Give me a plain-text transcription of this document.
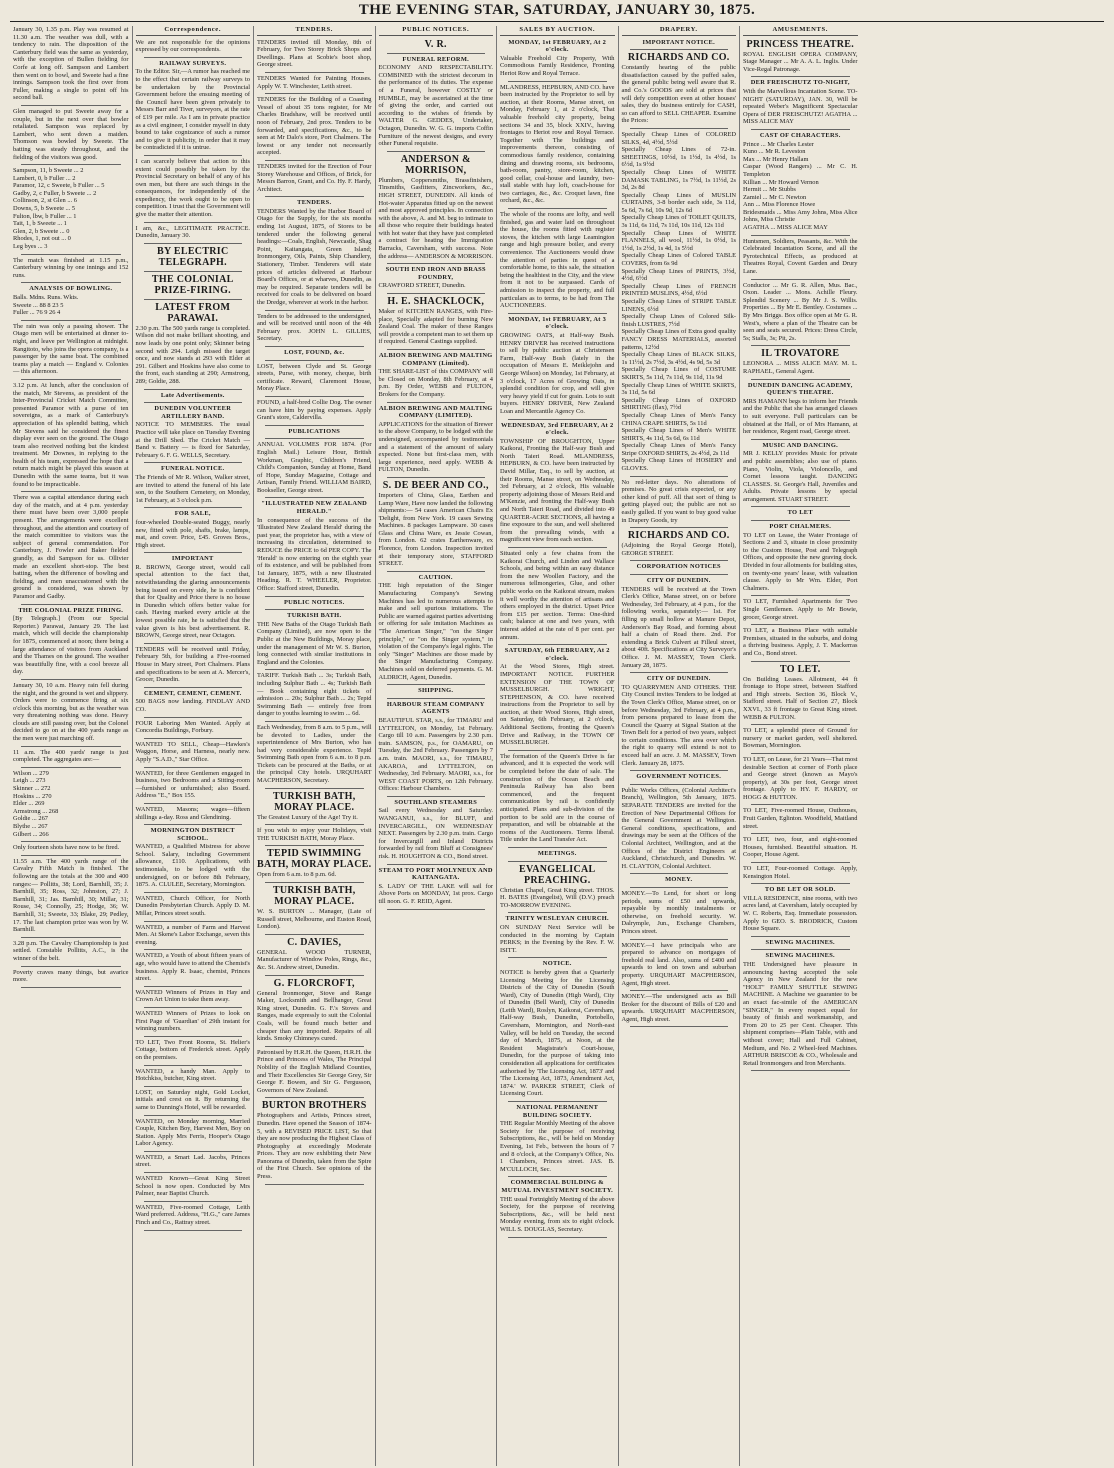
THE EVENING STAR, SATURDAY, JANUARY 30, 1875.
January 30, 1.35 p.m. Play was resumed at 11.30 a.m. The weather was dull, with a tendency to rain. The disposition of the Canterbury field was the same as yesterday, with the exception of Bullen fielding for Corfe at long off. Sampson and Lambert then went on to bowl, and Sweete had a fine innings. Sampson took the first over from Fuller, making a single to point off his second ball.
Glen managed to put Sweete away for a couple, but in the next over that bowler retaliated. Sampson was replaced by Lambert, who sent down a maiden. Thomson was bowled by Sweete. The batting was steady throughout, and the fielding of the visitors was good.
Sampson, 11, b Sweete ... 2
Lambert, 0, b Fuller ... 2
Paramor, 12, c Sweete, b Fuller ... 5
Gadby, 2, c Fuller, b Sweete ... 2
Collinson, 2, st Glen ... 6
Downs, 5, b Sweete ... 5
Fulton, lbw, b Fuller ... 1
Tait, 1, b Sweete ... 1
Glen, 2, b Sweete ... 0
Rhodes, 1, not out ... 0
Leg byes ... 3
The match was finished at 1.15 p.m., Canterbury winning by one innings and 152 runs.
ANALYSIS OF BOWLING.
Balls. Mdns. Runs. Wkts.
Sweete ... 88 8 23 5
Fuller ... 76 9 26 4
The rain was only a passing shower. The Otago men will be entertained at dinner to-night, and leave per Wellington at midnight. Rangitoto, who joins the opera company, is a passenger by the same boat. The combined teams play a match — England v. Colonies — this afternoon.
3.12 p.m. At lunch, after the conclusion of the match, Mr Stevens, as president of the Inter-Provincial Cricket Match Committee, presented Paramor with a purse of ten sovereigns, as a mark of Canterbury's appreciation of his splendid batting, which Mr Stevens said he considered the finest display ever seen on the ground. The Otago team also received nothing but the kindest treatment. Mr Downes, in replying to the health of his team, expressed the hope that a return match might be played this season at Dunedin with the same teams, but it was found to be impracticable.
There was a capital attendance during each day of the match, and at 4 p.m. yesterday there must have been over 3,000 people present. The arrangements were excellent throughout, and the attention and courtesy of the match committee to visitors was the subject of general commendation. For Canterbury, J. Fowler and Baker fielded grandly, as did Sampson for us. Ollivier made an excellent short-stop. The best batting, when the difference of bowling and fielding, and men unaccustomed with the ground is considered, was shown by Paramor and Gadby.
THE COLONIAL PRIZE FIRING.
[By Telegraph.] (From our Special Reporter.) Parawai, January 29. The last match, which will decide the championship for 1875, commenced at noon; there being a large attendance of visitors from Auckland and the Thames on the ground. The weather was beautifully fine, with a cool breeze all day.
January 30, 10 a.m. Heavy rain fell during the night, and the ground is wet and slippery. Orders were to commence firing at six o'clock this morning, but as the weather was very threatening nothing was done. Heavy clouds are still passing over, but the Colonel decided to go on at the 400 yards range as the men were just marching off.
11 a.m. The 400 yards' range is just completed. The aggregates are:—
Wilson ... 279
Leigh ... 273
Skinner ... 272
Hoskins ... 270
Elder ... 269
Armstrong ... 268
Goldie ... 267
Blythe ... 267
Gilbert ... 266
Only fourteen shots have now to be fired.
11.55 a.m. The 400 yards range of the Cavalry Fifth Match is finished. The following are the totals at the 300 and 400 ranges:— Pollitts, 38; Lord, Barnhill, 35; J. Barnhill, 35; Ross, 32; Johnston, 27; J. Barnhill, 31; Jas. Barnhill, 30; Millar, 31; Rouse, 34; Connolly, 25; Hodge, 36; W. Barnhill, 31; Sweete, 33; Blake, 29; Pedley, 17. The last champion prize was won by W. Barnhill.
3.28 p.m. The Cavalry Championship is just settled. Constable Pollitts, A.C., is the winner of the belt.
Poverty craves many things, but avarice more.
Correspondence.
We are not responsible for the opinions expressed by our correspondents.
RAILWAY SURVEYS.
To the Editor. Sir,—A rumor has reached me to the effect that certain railway surveys to be undertaken by the Provincial Government before the ensuing meeting of the Council have been given privately to Messrs Barr and Tiver, surveyors, at the rate of £19 per mile. As I am in private practice as a civil engineer, I consider myself in duty bound to take cognizance of such a rumor and to give it publicity, in order that it may be contradicted if it is untrue.
I can scarcely believe that action to this extent could possibly be taken by the Provincial Secretary on behalf of any of his own men, but there are such things in the consequences, for independently of the expediency, the work ought to be open to competition. I trust that the Government will give the matter their attention.
I am, &c., LEGITIMATE PRACTICE. Dunedin, January 30.
BY ELECTRIC TELEGRAPH.
THE COLONIAL PRIZE-FIRING.
LATEST FROM PARAWAI.
2.30 p.m. The 500 yards range is completed. Wilson did not make brilliant shooting, and now leads by one point only; Skinner being second with 294. Leigh missed the target once, and now stands at 293 with Elder at 291. Gilbert and Hoskins have also come to the front, each standing at 290; Armstrong, 289; Goldie, 288.
Late Advertisements.
DUNEDIN VOLUNTEER ARTILLERY BAND.
NOTICE TO MEMBERS. The usual Practice will take place on Tuesday Evening at the Drill Shed. The Cricket Match — Band v. Battery — is fixed for Saturday, February 6. F. G. WELLS, Secretary.
FUNERAL NOTICE.
The Friends of Mr R. Wilson, Walker street, are invited to attend the funeral of his late son, to the Southern Cemetery, on Monday, 1st February, at 3 o'clock p.m.
FOR SALE,
four-wheeled Double-seated Buggy, nearly new, fitted with pole, shafts, brake, lamps, mat, and cover. Price, £45. Groves Bros., High street.
IMPORTANT
R. BROWN, George street, would call special attention to the fact that, notwithstanding the glaring announcements being issued on every side, he is confident that for Quality and Price there is no house in Dunedin which offers better value for cash. Having marked every article at the lowest possible rate, he is satisfied that the value given is his best advertisement. R. BROWN, George street, near Octagon.
TENDERS will be received until Friday, February 5th, for building a Five-roomed House in Mary street, Port Chalmers. Plans and specifications to be seen at A. Mercer's, Grocer, Dunedin.
CEMENT, CEMENT, CEMENT.
500 BAGS now landing. FINDLAY AND CO.
FOUR Laboring Men Wanted. Apply at Concordia Buildings, Forbury.
WANTED TO SELL, Cheap—Hawkes's Waggon, Horse, and Harness, nearly new. Apply "S.A.D.," Star Office.
WANTED, for three Gentlemen engaged in business, two Bedrooms and a Sitting-room—furnished or unfurnished; also Board. Address "E.," Box 155.
WANTED, Masons; wages—fifteen shillings a-day. Ross and Glendining.
MORNINGTON DISTRICT SCHOOL.
WANTED, a Qualified Mistress for above School. Salary, including Government allowance, £110. Applications, with testimonials, to be lodged with the undersigned, on or before 8th February, 1875. A. CLULEE, Secretary, Mornington.
WANTED, Church Officer, for North Dunedin Presbyterian Church. Apply D. M. Millar, Princes street south.
WANTED, a number of Farm and Harvest Men. At Skene's Labor Exchange, seven this evening.
WANTED, a Youth of about fifteen years of age, who would have to attend the Chemist's business. Apply R. Isaac, chemist, Princes street.
WANTED Winners of Prizes in Hay and Crown Art Union to take them away.
WANTED Winners of Prizes to look on First Page of 'Guardian' of 29th instant for winning numbers.
TO LET, Two Front Rooms, St. Helier's Cottage, bottom of Frederick street. Apply on the premises.
WANTED, a handy Man. Apply to Hotchkiss, butcher, King street.
LOST, on Saturday night, Gold Locket, initials and crest on it. By returning the same to Dunning's Hotel, will be rewarded.
WANTED, on Monday morning, Married Couple, Kitchen Boy, Harvest Men, Boy on Station. Apply Mrs Ferris, Hooper's Otago Labor Agency.
WANTED, a Smart Lad. Jacobs, Princes street.
WANTED Known—Great King Street School is now open. Conducted by Mrs Palmer, near Baptist Church.
WANTED, Five-roomed Cottage, Leith Ward preferred. Address, "H.G.," care James Finch and Co., Rattray street.
TENDERS.
TENDERS invited till Monday, 8th of February, for Two Storey Brick Shops and Dwellings. Plans at Scobie's boot shop, George street.
TENDERS Wanted for Painting Houses. Apply W. T. Winchester, Leith street.
TENDERS for the Building of a Coasting Vessel of about 35 tons register, for Mr Charles Bradshaw, will be received until noon of February, 2nd prox. Tenders to be forwarded, and specifications, &c., to be seen at Mr Dalo's store, Port Chalmers. The lowest or any tender not necessarily accepted.
TENDERS invited for the Erection of Four Storey Warehouse and Offices, of Brick, for Messrs Barron, Grant, and Co. Hy. F. Hardy, Architect.
TENDERS.
TENDERS Wanted by the Harbor Board of Otago for the Supply, for the six months ending 1st August, 1875, of Stores to be tendered under the following general headings:—Coals, English, Newcastle, Shag Point, Kaitangata, Green Island; Ironmongery, Oils, Paints, Ship Chandlery, Stationery, Timber. Tenderers will state prices of articles delivered at Harbour Board's Offices, or at wharves, Dunedin, as may be required. Separate tenders will be received for coals to be delivered on board the Dredge, wherever at work in the harbor.
Tenders to be addressed to the undersigned, and will be received until noon of the 4th February prox. JOHN L. GILLIES, Secretary.
LOST, FOUND, &c.
LOST, between Clyde and St. George streets, Purse, with money, cheque, birth certificate. Reward, Claremont House, Moray Place.
FOUND, a half-bred Collie Dog. The owner can have him by paying expenses. Apply Grant's store, Caldervilla.
PUBLICATIONS
ANNUAL VOLUMES FOR 1874. (For English Mail.) Leisure Hour, British Workman, Graphic, Children's Friend, Child's Companion, Sunday at Home, Band of Hope, Sunday Magazine, Cottage and Artisan, Family Friend. WILLIAM BAIRD, Bookseller, George street.
"ILLUSTRATED NEW ZEALAND HERALD."
In consequence of the success of the 'Illustrated New Zealand Herald' during the past year, the proprietor has, with a view of increasing its circulation, determined to REDUCE the PRICE to 6d PER COPY. The 'Herald' is now entering on the eighth year of its existence, and will be published from 1st January, 1875, with a new Illustrated Heading. R. T. WHEELER, Proprietor. Office: Stafford street, Dunedin.
PUBLIC NOTICES.
TURKISH BATH.
THE New Baths of the Otago Turkish Bath Company (Limited), are now open to the Public at the New Buildings, Moray place, under the management of Mr W. S. Burton, long connected with similar institutions in England and the Colonies.
TARIFF. Turkish Bath ... 3s; Turkish Bath, including Sulphur Bath ... 4s; Turkish Bath — Book containing eight tickets of admission ... 20s; Sulphur Bath ... 2s; Tepid Swimming Bath — entirely free from danger to youths learning to swim ... 6d.
Each Wednesday, from 8 a.m. to 5 p.m., will be devoted to Ladies, under the superintendence of Mrs Burton, who has had very considerable experience. Tepid Swimming Bath open from 6 a.m. to 8 p.m. Tickets can be procured at the Baths, or at the principal City hotels. URQUHART MACPHERSON, Secretary.
TURKISH BATH, MORAY PLACE.
The Greatest Luxury of the Age! Try it.
If you wish to enjoy your Holidays, visit THE TURKISH BATH, Moray Place.
TEPID SWIMMING BATH, MORAY PLACE.
Open from 6 a.m. to 8 p.m. 6d.
TURKISH BATH, MORAY PLACE.
W. S. BURTON ... Manager, (Late of Russell street, Melbourne, and Euston Road, London).
C. DAVIES,
GENERAL WOOD TURNER, Manufacturer of Window Poles, Rings, &c., &c. St. Andrew street, Dunedin.
G. FLORCROFT,
General Ironmonger, Stove and Range Maker, Locksmith and Bellhanger, Great King street, Dunedin. G. F.'s Stoves and Ranges, made expressly to suit the Colonial Coals, will be found much better and cheaper than any imported. Repairs of all kinds. Smoky Chimneys cured.
Patronised by H.R.H. the Queen, H.R.H. the Prince and Princess of Wales, The Principal Nobility of the English Midland Counties, and Their Excellencies Sir George Grey, Sir George F. Bowen, and Sir G. Fergusson, Governors of New Zealand.
BURTON BROTHERS
Photographers and Artists, Princes street, Dunedin. Have opened the Season of 1874-5, with a REVISED PRICE LIST, So that they are now producing the Highest Class of Photography at exceedingly Moderate Prices. They are now exhibiting their New Panorama of Dunedin, taken from the Spire of the First Church. See opinions of the Press.
PUBLIC NOTICES.
V. R.
FUNERAL REFORM.
ECONOMY AND RESPECTABILITY. COMBINED with the strictest decorum in the performance of its duties. The expense of a Funeral, however COSTLY or HUMBLE, may be ascertained at the time of giving the order, and carried out according to the wishes of friends by WALTER G. GEDDES, Undertaker, Octagon, Dunedin. W. G. G. imports Coffin Furniture of the newest designs, and every other Funeral requisite.
ANDERSON & MORRISON,
Plumbers, Coppersmiths, Brassfinishers, Tinsmiths, Gasfitters, Zincworkers, &c., HIGH STREET, DUNEDIN. All kinds of Hot-water Apparatus fitted up on the newest and most approved principles. In connection with the above, A. and M. beg to intimate to all those who require their buildings heated with hot water that they have just completed a contract for heating the Immigration Barracks, Caversham, with success. Note the address— ANDERSON & MORRISON.
SOUTH END IRON AND BRASS FOUNDRY,
CRAWFORD STREET, Dunedin.
H. E. SHACKLOCK,
Maker of KITCHEN RANGES, with Fire-place, Specially adapted for burning New Zealand Coal. The maker of these Ranges will provide a competent man to set them up if required. General Castings supplied.
ALBION BREWING AND MALTING COMPANY (Limited).
THE SHARE-LIST of this COMPANY will be Closed on Monday, 8th February, at 4 p.m. By Order, WEBB and FULTON, Brokers for the Company.
ALBION BREWING AND MALTING COMPANY (LIMITED).
APPLICATIONS for the situation of Brewer to the above Company, to be lodged with the undersigned, accompanied by testimonials and a statement of the amount of salary expected. None but first-class men, with large experience, need apply. WEBB & FULTON, Dunedin.
S. DE BEER AND CO.,
Importers of China, Glass, Earthen and Lamp Ware, Have now landed the following shipments:— 54 cases American Chairs Ex 'Delight, from New York. 19 cases Sewing Machines. 8 packages Lampware. 30 cases Glass and China Ware, ex Jessie Cowan, from London. 62 crates Earthenware, ex Florence, from London. Inspection invited at their temporary store, STAFFORD STREET.
CAUTION.
THE high reputation of the Singer Manufacturing Company's Sewing Machines has led to numerous attempts to make and sell spurious imitations. The Public are warned against parties advertising or offering for sale imitation Machines as "The American Singer," "on the Singer principle," or "on the Singer system," in violation of the Company's legal rights. The only "Singer" Machines are those made by the Singer Manufacturing Company. Machines sold on deferred payments. G. M. ALDRICH, Agent, Dunedin.
SHIPPING.
HARBOUR STEAM COMPANY AGENTS
BEAUTIFUL STAR, s.s., for TIMARU and LYTTELTON, on Monday, 1st February. Cargo till 10 a.m. Passengers by 2.30 p.m. train. SAMSON, p.s., for OAMARU, on Tuesday, the 2nd February. Passengers by 7 a.m. train. MAORI, s.s., for TIMARU, AKAROA, and LYTTELTON, on Wednesday, 3rd February. MAORI, s.s., for WEST COAST PORTS, on 12th February. Offices: Harbour Chambers.
SOUTHLAND STEAMERS
Sail every Wednesday and Saturday. WANGANUI, s.s., for BLUFF, and INVERCARGILL, ON WEDNESDAY NEXT. Passengers by 2.30 p.m. train. Cargo for Invercargill and Inland Districts forwarded by rail from Bluff at Consignees' risk. H. HOUGHTON & CO., Bond street.
STEAM TO PORT MOLYNEUX AND KAITANGATA.
S. LADY OF THE LAKE will sail for Above Ports on MONDAY, 1st prox. Cargo till noon. G. F. REID, Agent.
SALES BY AUCTION.
MONDAY, 1st FEBRUARY, At 2 o'clock.
Valuable Freehold City Property, With Commodious Family Residence, Fronting Heriot Row and Royal Terrace.
MLANDRESS, HEPBURN, AND CO. have been instructed by the Proprietor to sell by auction, at their Rooms, Manse street, on Monday, February 1, at 2 o'clock, That valuable freehold city property, being sections 34 and 35, block XXIV., having frontages to Heriot row and Royal Terrace. Together with The buildings and improvements thereon, consisting of commodious family residence, containing dining and drawing rooms, six bedrooms, bath-room, pantry, store-room, kitchen, good cellar, coal-house and laundry, two-stall stable with hay loft, coach-house for two carriages, &c., &c. Croquet lawn, fine orchard, &c., &c.
The whole of the rooms are lofty, and well finished, gas and water laid on throughout the house, the rooms fitted with register stoves, the kitchen with large Leamington range and high pressure boiler, and every convenience. The Auctioneers would draw the attention of parties in quest of a comfortable home, to this sale, the situation being the healthiest in the City, and the view from it not to be surpassed. Cards of admission to inspect the property, and full particulars as to terms, to be had from The AUCTIONEERS.
MONDAY, 1st FEBRUARY, At 3 o'clock.
GROWING OATS, at Half-way Bush. HENRY DRIVER has received instructions to sell by public auction at Christensen Farm, Half-way Bush (lately in the occupation of Messrs E. Meiklejohn and George Wilson) on Monday, 1st February, at 3 o'clock, 17 Acres of Growing Oats, in splendid condition for crop, and will give very heavy yield if cut for grain. Lots to suit buyers. HENRY DRIVER, New Zealand Loan and Mercantile Agency Co.
WEDNESDAY, 3rd FEBRUARY, At 2 o'clock.
TOWNSHIP OF BROUGHTON, Upper Kaikorai, Fronting the Half-way Bush and North Taieri Road. MLANDRESS, HEPBURN, & CO. have been instructed by David Millar, Esq., to sell by auction, at their Rooms, Manse street, on Wednesday, 3rd February, at 2 o'clock, His valuable property adjoining those of Messrs Reid and M'Kenzie, and fronting the Half-way Bush and North Taieri Road, and divided into 49 QUARTER-ACRE SECTIONS, all having a fine exposure to the sun, and well sheltered from the prevailing winds, with a magnificent view from each section.
Situated only a few chains from the Kaikorai Church, and Lindon and Wallace Schools, and being within an easy distance from the new Woollen Factory, and the numerous tellmongeries, Glue, and other public works on the Kaikorai stream, makes it well worthy the attention of artisans and others employed in the district. Upset Price from £15 per section. Terms: One-third cash; balance at one and two years, with interest added at the rate of 8 per cent. per annum.
SATURDAY, 6th FEBRUARY, At 2 o'clock.
At the Wood Stores, High street. IMPORTANT NOTICE. FURTHER EXTENSION OF THE TOWN OF MUSSELBURGH. WRIGHT, STEPHENSON, & CO. have received instructions from the Proprietor to sell by auction, at their Wood Stores, High street, on Saturday, 6th February, at 2 o'clock, Additional Sections, fronting the Queen's Drive and Railway, in the TOWN OF MUSSELBURGH.
The formation of the Queen's Drive is far advanced, and it is expected the work will be completed before the date of sale. The construction of the Ocean Beach and Peninsula Railway has also been commenced, and the frequent communication by rail is confidently anticipated. Plans and sub-division of the portion to be sold are in the course of preparation, and will be obtainable at the rooms of the Auctioneers. Terms liberal. Title under the Land Transfer Act.
MEETINGS.
EVANGELICAL PREACHING.
Christian Chapel, Great King street. THOS. H. BATES (Evangelist), Will (D.V.) preach TO-MORROW EVENING.
TRINITY WESLEYAN CHURCH.
ON SUNDAY Next Service will be conducted in the morning by Captain PERKS; in the Evening by the Rev. F. W. ISITT.
NOTICE.
NOTICE is hereby given that a Quarterly Licensing Meeting for the Licensing Districts of the City of Dunedin (South Ward), City of Dunedin (High Ward), City of Dunedin (Bell Ward), City of Dunedin (Leith Ward), Roslyn, Kaikorai, Caversham, Half-way Bush, Dunedin, Portobello, Caversham, Mornington, and North-east Valley, will be held on Tuesday, the second day of March, 1875, at Noon, at the Resident Magistrate's Court-house, Dunedin, for the purpose of taking into consideration all applications for certificates authorised by 'The Licensing Act, 1873' and 'The Licensing Act, 1873, Amendment Act, 1874.' W. PARKER STREET, Clerk of Licensing Court.
NATIONAL PERMANENT BUILDING SOCIETY.
THE Regular Monthly Meeting of the above Society for the purpose of receiving Subscriptions, &c., will be held on Monday Evening, 1st Feb., between the hours of 7 and 8 o'clock, at the Company's Office, No. 1 Chambers, Princes street. JAS. B. M'CULLOCH, Sec.
COMMERCIAL BUILDING & MUTUAL INVESTMENT SOCIETY.
THE usual Fortnightly Meeting of the above Society, for the purpose of receiving Subscriptions, &c., will be held next Monday evening, from six to eight o'clock. WILL S. DOUGLAS, Secretary.
DRAPERY.
IMPORTANT NOTICE.
RICHARDS AND CO.
Constantly hearing of the public dissatisfaction caused by the puffed sales, the general public being well aware that R. and Co.'s GOODS are sold at prices that will defy competition even at other houses' sales, they do business entirely for CASH, so can afford to SELL CHEAPER. Examine the Prices:
Specially Cheap Lines of COLORED SILKS, 4d, 4½d, 5½d
Specially Cheap Lines of 72-in. SHEETINGS, 10½d, 1s 1½d, 1s 4½d, 1s 6½d, 1s 9½d
Specially Cheap Lines of WHITE DAMASK TABLING, 1s 7½d, 1s 11½d, 2s 3d, 2s 8d
Specially Cheap Lines of MUSLIN CURTAINS, 3-8 border each side, 3s 11d, 5s 6d, 7s 6d, 10s 9d, 12s 6d
Specially Cheap Lines of TOILET QUILTS, 3s 11d, 6s 11d, 7s 11d, 10s 11d, 12s 11d
Specially Cheap Lines of WHITE FLANNELS, all wool, 11½d, 1s 0½d, 1s 1½d, 1s 2½d, 1s 4d, 1s 5½d
Specially Cheap Lines of Colored TABLE COVERS, from 6s 9d
Specially Cheap Lines of PRINTS, 3½d, 4½d, 6½d
Specially Cheap Lines of FRENCH PRINTED MUSLINS, 4½d, 6½d
Specially Cheap Lines of STRIPE TABLE LINENS, 6½d
Specially Cheap Lines of Colored Silk-finish LUSTRES, 7½d
Specially Cheap Lines of Extra good quality FANCY DRESS MATERIALS, assorted patterns, 12½d
Specially Cheap Lines of BLACK SILKS, 1s 11½d, 2s 7½d, 3s 4½d, 4s 9d, 5s 3d
Specially Cheap Lines of COSTUME SKIRTS, 5s 11d, 7s 11d, 9s 11d, 11s 9d
Specially Cheap Lines of WHITE SKIRTS, 3s 11d, 5s 6d
Specially Cheap Lines of OXFORD SHIRTING (flax), 7½d
Specially Cheap Lines of Men's Fancy CHINA CRAPE SHIRTS, 5s 11d
Specially Cheap Lines of Men's WHITE SHIRTS, 4s 11d, 5s 6d, 6s 11d
Specially Cheap Lines of Men's Fancy Stripe OXFORD SHIRTS, 2s 4½d, 2s 11d
Specially Cheap Lines of HOSIERY and GLOVES.
No red-letter days. No alterations of premises. No great crisis expected, or any other kind of puff. All that sort of thing is getting played out; the public are not so easily gulled. If you want to buy good value in Drapery Goods, try
RICHARDS AND CO.
(Adjoining the Royal George Hotel), GEORGE STREET.
CORPORATION NOTICES
CITY OF DUNEDIN.
TENDERS will be received at the Town Clerk's Office, Manse street, on or before Wednesday, 3rd February, at 4 p.m., for the following works, separately:— 1st. For filling up small hollow at Manure Depot, Anderson's Bay Road, and forming about half a chain of Road there. 2nd. For extending a Brick Culvert at Filleul street, about 40ft. Specifications at City Surveyor's Office. J. M. MASSEY, Town Clerk. January 28, 1875.
CITY OF DUNEDIN.
TO QUARRYMEN AND OTHERS. THE City Council invites Tenders to be lodged at the Town Clerk's Office, Manse street, on or before Wednesday, 3rd February, at 4 p.m., from persons prepared to lease from the Council the Quarry at Signal Station at the Town Belt for a period of two years, subject to certain conditions. The area over which the right to quarry will extend is not to exceed half an acre. J. M. MASSEY, Town Clerk. January 28, 1875.
GOVERNMENT NOTICES.
Public Works Offices, (Colonial Architect's Branch), Wellington, 5th January, 1875. SEPARATE TENDERS are invited for the Erection of New Departmental Offices for the General Government at Wellington. General conditions, specifications, and drawings may be seen at the Offices of the Colonial Architect, Wellington, and at the Offices of the District Engineers at Auckland, Christchurch, and Dunedin. W. H. CLAYTON, Colonial Architect.
MONEY.
MONEY.—To Lend, for short or long periods, sums of £50 and upwards, repayable by monthly instalments or otherwise, on freehold security. W. Dalrymple, Jun., Exchange Chambers, Princes street.
MONEY.—I have principals who are prepared to advance on mortgages of freehold real land. Also, sums of £400 and upwards to lend on town and suburban property. URQUHART MACPHERSON, Agent, High street.
MONEY.—The undersigned acts as Bill Broker for the discount of Bills of £20 and upwards. URQUHART MACPHERSON, Agent, High street.
AMUSEMENTS.
PRINCESS THEATRE.
ROYAL ENGLISH OPERA COMPANY, Stage Manager ... Mr A. A. L. Inglis. Under Vice-Regal Patronage.
DER FREISCHUTZ TO-NIGHT,
With the Marvellous Incantation Scene. TO-NIGHT (SATURDAY), JAN. 30, Will be repeated Weber's Magnificent Spectacular Opera of DER FREISCHUTZ! AGATHA ... MISS ALICE MAY
CAST OF CHARACTERS.
Prince ... Mr Charles Lester
Kuno ... Mr R. Leveston
Max ... Mr Henry Hallam
Caspar (Wood Rangers) ... Mr C. H. Templeton
Killian ... Mr Howard Vernon
Hermit ... Mr Stubbs
Zamiel ... Mr C. Newton
Ann ... Miss Florence Howe
Bridesmaids ... Miss Amy Johns, Miss Alice Johns, Miss Christie
AGATHA ... MISS ALICE MAY
Huntsmen, Soldiers, Peasants, &c. With the Celebrated Incantation Scene, and all the Pyrotechnical Effects, as produced at Theatres Royal, Covent Garden and Drury Lane.
Conductor ... Mr G. R. Allen, Mus. Bac., Oxon. Leader ... Mons. Achille Fleury. Splendid Scenery ... By Mr J. S. Willis. Properties ... By Mr E. Bentley. Costumes ... By Mrs Briggs. Box office open at Mr G. R. West's, where a plan of the Theatre can be seen and seats secured. Prices: Dress Circle, 5s; Stalls, 3s; Pit, 2s.
IL TROVATORE
LEONORA ... MISS ALICE MAY. M. L. RAPHAEL, General Agent.
DUNEDIN DANCING ACADEMY, QUEEN'S THEATRE.
MRS HAMANN begs to inform her Friends and the Public that she has arranged classes to suit everyone. Full particulars can be obtained at the Hall, or of Mrs Hamann, at her residence, Regent road, George street.
MUSIC AND DANCING.
MR J. KELLY provides Music for private and public assemblies; also use of piano. Piano, Violin, Viola, Violoncello, and Cornet lessons taught. DANCING CLASSES. St. George's Hall, Juveniles and Adults. Private lessons by special arrangement. STUART STREET.
TO LET
PORT CHALMERS.
TO LET on Lease, the Water Frontage of Sections 2 and 3, situate in close proximity to the Custom House, Post and Telegraph Offices, and opposite the new graving dock. Divided in four allotments for building sites, on twenty-one years' lease, with valuation clause. Apply to Mr Wm. Elder, Port Chalmers.
TO LET, Furnished Apartments for Two Single Gentlemen. Apply to Mr Bowie, grocer, George street.
TO LET, a Business Place with suitable Premises, situated in the suburbs, and doing a thriving business. Apply, J. T. Mackerras and Co., Bond street.
TO LET.
On Building Leases. Allotment, 44 ft frontage to Hope street, between Stafford and High streets. Section 36, Block V., Stafford street. Half of Section 27, Block XXVI., 33 ft frontage to Great King street. WEBB & FULTON.
TO LET, a splendid piece of Ground for nursery or market garden, well sheltered. Bowman, Mornington.
TO LET, on Lease, for 21 Years—That most desirable Section at corner of Forth place and George street (known as Mayo's property), at 30s per foot, George street frontage. Apply to HY. F. HARDY, or HOGG & HUTTON.
TO LET, Five-roomed House, Outhouses, Fruit Garden, Eglinton. Woodfield, Maitland street.
TO LET, two, four, and eight-roomed Houses, furnished. Beautiful situation. H. Cooper, House Agent.
TO LET, Four-roomed Cottage. Apply, Kensington Hotel.
TO BE LET OR SOLD.
VILLA RESIDENCE, nine rooms, with two acres land, at Caversham, lately occupied by W. C. Roberts, Esq. Immediate possession. Apply to GEO. S. BRODRICK, Custom House Square.
SEWING MACHINES.
SEWING MACHINES.
THE Undersigned have pleasure in announcing having accepted the sole Agency in New Zealand for the new "HOLT" FAMILY SHUTTLE SEWING MACHINE. A Machine we guarantee to be an exact fac-simile of the AMERICAN "SINGER," In every respect equal for beauty of finish and workmanship, and From 20 to 25 per Cent. Cheaper. This shipment comprises—Plain Table, with and without cover; Hall and Full Cabinet, Medium, and No. 2 Wheel-feed Machines. ARTHUR BRISCOE & CO., Wholesale and Retail Ironmongers and Iron Merchants.
